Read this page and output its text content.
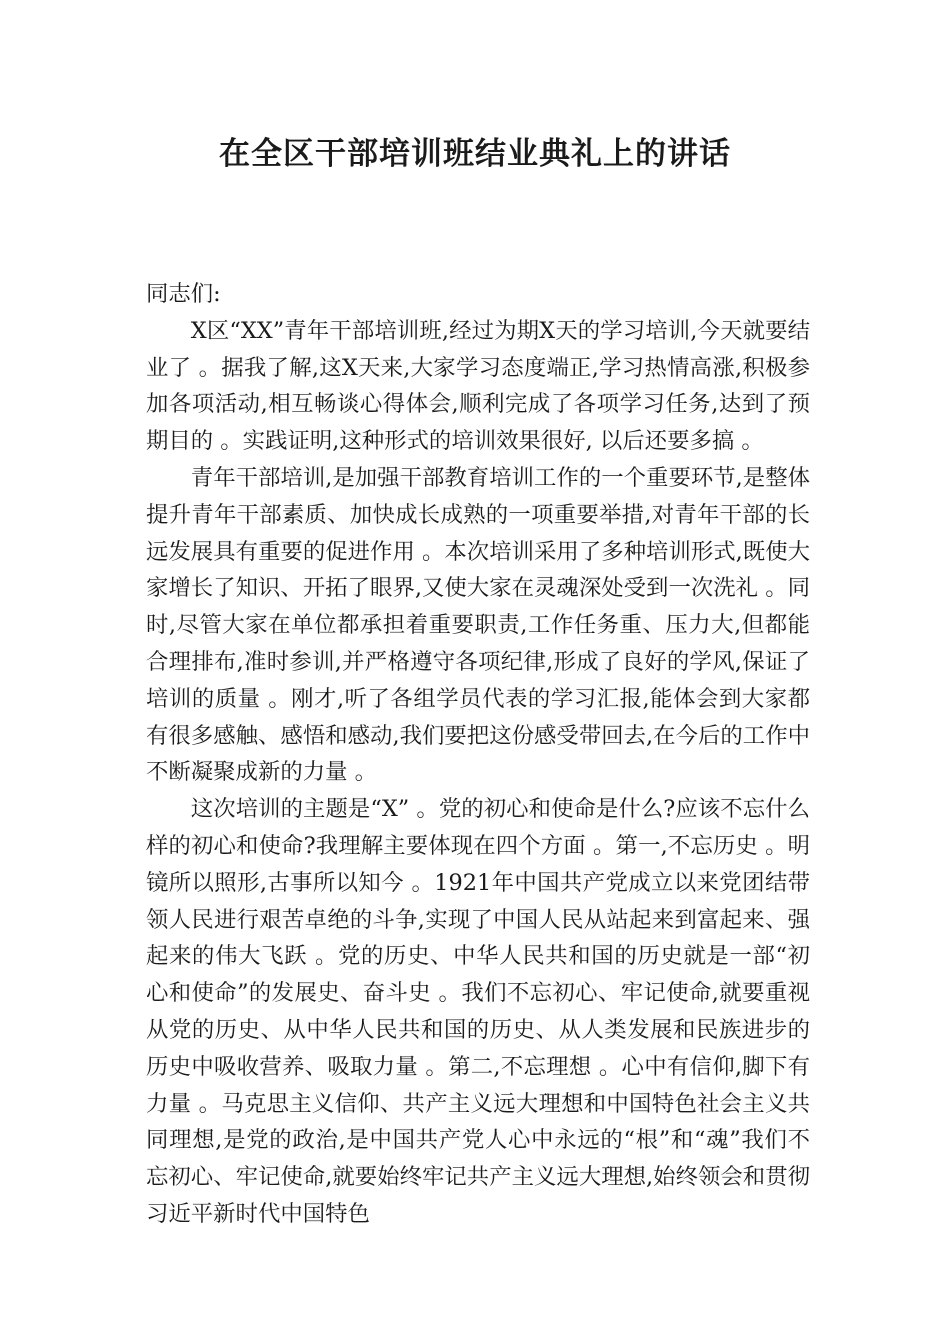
在全区干部培训班结业典礼上的讲话

同志们:

X区“XX”青年干部培训班,经过为期X天的学习培训,今天就要结业了 。据我了解,这X天来,大家学习态度端正,学习热情高涨,积极参加各项活动,相互畅谈心得体会,顺利完成了各项学习任务,达到了预期目的 。实践证明,这种形式的培训效果很好, 以后还要多搞 。

青年干部培训,是加强干部教育培训工作的一个重要环节,是整体提升青年干部素质、加快成长成熟的一项重要举措,对青年干部的长远发展具有重要的促进作用 。本次培训采用了多种培训形式,既使大家增长了知识、开拓了眼界,又使大家在灵魂深处受到一次洗礼 。同时,尽管大家在单位都承担着重要职责,工作任务重、压力大,但都能合理排布,准时参训,并严格遵守各项纪律,形成了良好的学风,保证了培训的质量 。刚才,听了各组学员代表的学习汇报,能体会到大家都有很多感触、感悟和感动,我们要把这份感受带回去,在今后的工作中不断凝聚成新的力量 。

这次培训的主题是“X” 。党的初心和使命是什么?应该不忘什么样的初心和使命?我理解主要体现在四个方面 。第一,不忘历史 。明镜所以照形,古事所以知今 。1921年中国共产党成立以来党团结带领人民进行艰苦卓绝的斗争,实现了中国人民从站起来到富起来、强起来的伟大飞跃 。党的历史、中华人民共和国的历史就是一部“初心和使命”的发展史、奋斗史 。我们不忘初心、牢记使命,就要重视从党的历史、从中华人民共和国的历史、从人类发展和民族进步的历史中吸收营养、吸取力量 。第二,不忘理想 。心中有信仰,脚下有力量 。马克思主义信仰、共产主义远大理想和中国特色社会主义共同理想,是党的政治,是中国共产党人心中永远的“根”和“魂”我们不忘初心、牢记使命,就要始终牢记共产主义远大理想,始终领会和贯彻习近平新时代中国特色
